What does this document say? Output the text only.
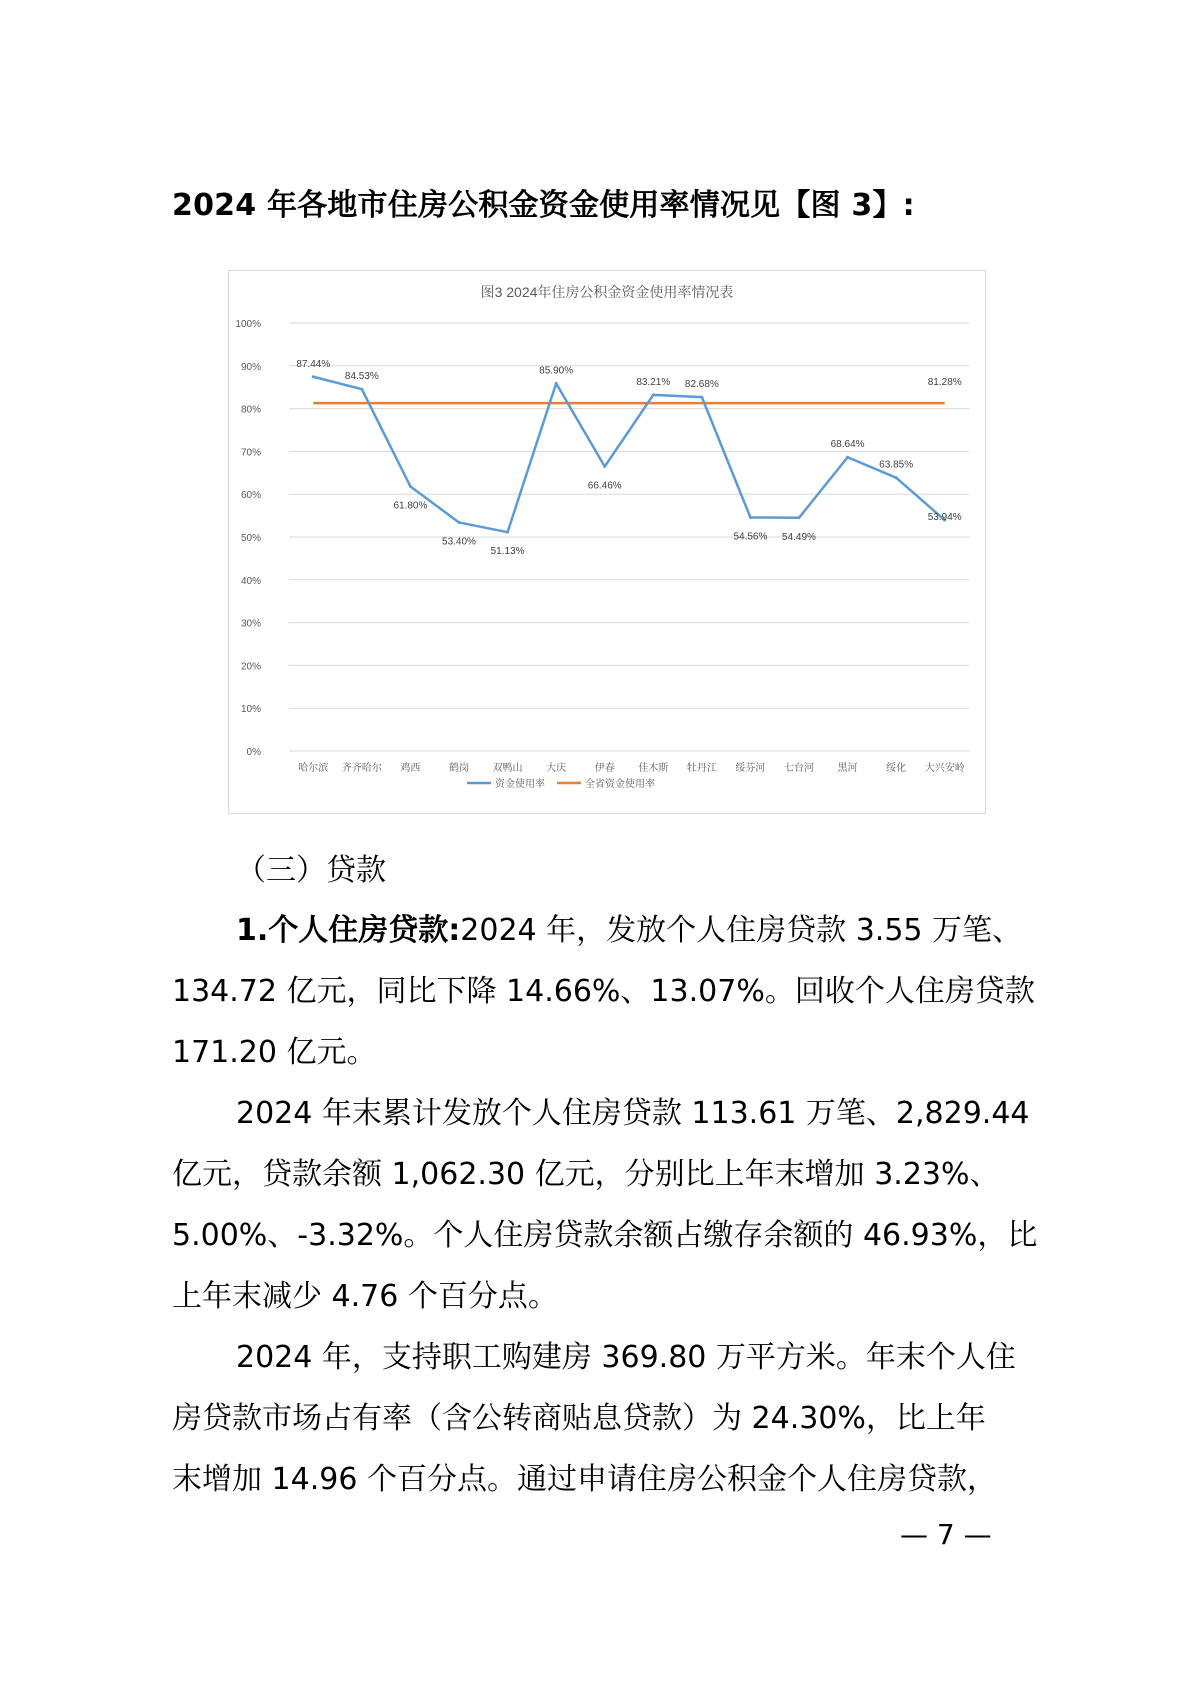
2024 年各地市住房公积金资金使用率情况见【图 3】:
图3 2024年住房公积金资金使用率情况表
0%
10%
20%
30%
40%
50%
60%
70%
80%
90%
100%
哈尔滨 齐齐哈尔 鸡西	鹤岗 双鸭山 大庆	伊春 佳木斯 牡丹江 绥芬河 七台河 黑河	绥化 大兴安岭
81.28%
87.44%
84.53%
61.80%
53.40%
51.13%
85.90%
66.46%
83.21% 82.68%
54.56% 54.49%
68.64%
63.85%
53.94%
资金使用率	全省资金使用率
（三）贷款
1.个人住房贷款:2024 年，发放个人住房贷款 3.55 万笔、
134.72 亿元，同比下降 14.66%、13.07%。回收个人住房贷款
171.20 亿元。
2024 年末累计发放个人住房贷款 113.61 万笔、2,829.44
亿元，贷款余额 1,062.30 亿元，分别比上年末增加 3.23%、
5.00%、-3.32%。个人住房贷款余额占缴存余额的 46.93%，比
上年末减少 4.76 个百分点。
2024 年，支持职工购建房 369.80 万平方米。年末个人住
房贷款市场占有率（含公转商贴息贷款）为 24.30%，比上年
末增加 14.96 个百分点。通过申请住房公积金个人住房贷款，
— 7 —
